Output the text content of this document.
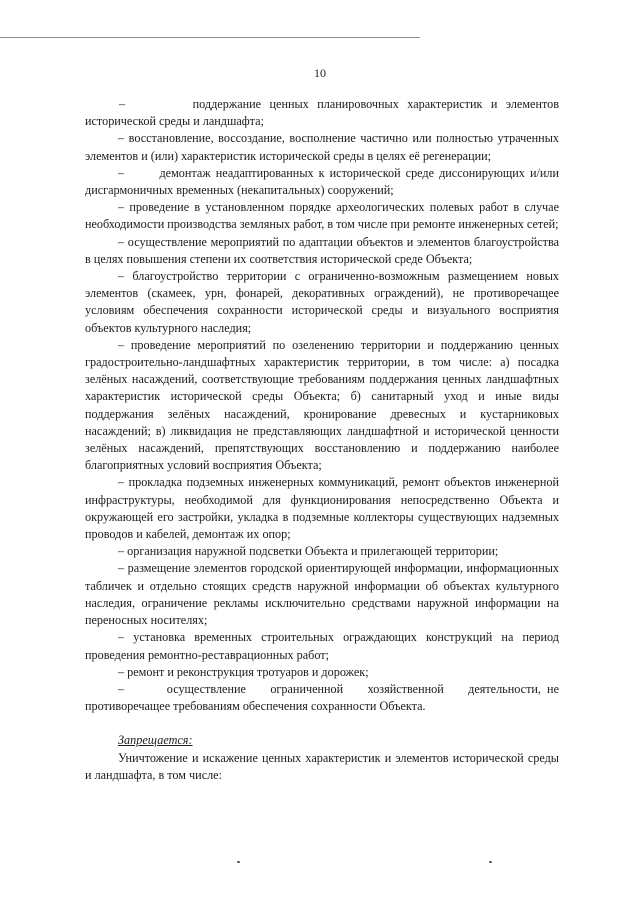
10

–        поддержание ценных планировочных характеристик и элементов исторической среды и ландшафта;

– восстановление, воссоздание, восполнение частично или полностью утраченных элементов и (или) характеристик исторической среды в целях её регенерации;

–       демонтаж неадаптированных к исторической среде диссонирующих и/или дисгармоничных временных (некапитальных) сооружений;

– проведение в установленном порядке археологических полевых работ в случае необходимости производства земляных работ, в том числе при ремонте инженерных сетей;

– осуществление мероприятий по адаптации объектов и элементов благоустройства в целях повышения степени их соответствия исторической среде Объекта;

– благоустройство территории с ограниченно-возможным размещением новых элементов (скамеек, урн, фонарей, декоративных ограждений), не противоречащее условиям обеспечения сохранности исторической среды и визуального восприятия объектов культурного наследия;

– проведение мероприятий по озеленению территории и поддержанию ценных градостроительно-ландшафтных характеристик территории, в том числе: а) посадка зелёных насаждений, соответствующие требованиям поддержания ценных ландшафтных характеристик исторической среды Объекта; б) санитарный уход и иные виды поддержания зелёных насаждений, кронирование древесных и кустарниковых насаждений; в) ликвидация не представляющих ландшафтной и исторической ценности зелёных насаждений, препятствующих восстановлению и поддержанию наиболее благоприятных условий восприятия Объекта;

– прокладка подземных инженерных коммуникаций, ремонт объектов инженерной инфраструктуры, необходимой для функционирования непосредственно Объекта и окружающей его застройки, укладка в подземные коллекторы существующих надземных проводов и кабелей, демонтаж их опор;

– организация наружной подсветки Объекта и прилегающей территории;

– размещение элементов городской ориентирующей информации, информационных табличек и отдельно стоящих средств наружной информации об объектах культурного наследия, ограничение рекламы исключительно средствами наружной информации на переносных носителях;

– установка временных строительных ограждающих конструкций на период проведения ремонтно-реставрационных работ;

– ремонт и реконструкция тротуаров и дорожек;

–       осуществление    ограниченной    хозяйственной    деятельности, не противоречащее требованиям обеспечения сохранности Объекта.

Запрещается:

Уничтожение и искажение ценных характеристик и элементов исторической среды и ландшафта, в том числе:
